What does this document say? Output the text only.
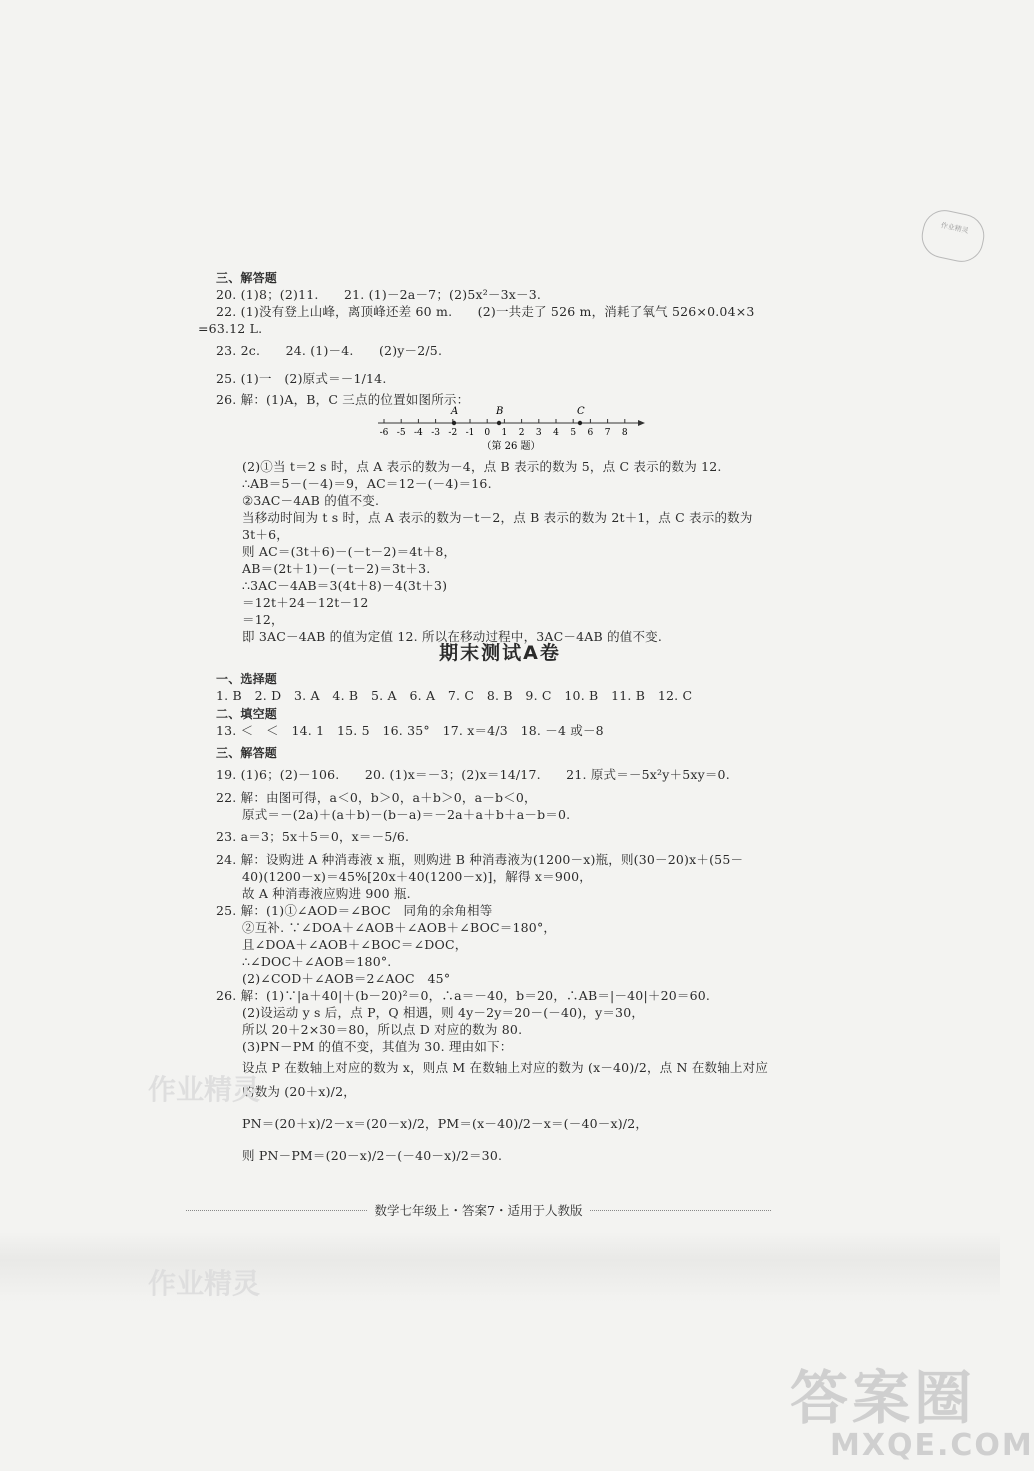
作业精灵
三、解答题
20. (1)8；(2)11.　　21. (1)－2a－7；(2)5x²－3x－3.
22. (1)没有登上山峰，离顶峰还差 60 m.　　(2)一共走了 526 m，消耗了氧气 526×0.04×3
=63.12 L.
23. 2c.　　24. (1)－4.　　(2)y－2/5.
25. (1)一　(2)原式＝－1/14.
26. 解：(1)A，B，C 三点的位置如图所示：
-6 -5 -4 -3 -2 -1 0 1 2 3 4 5 6 7 8
A	B	C
（第 26 题）
(2)①当 t＝2 s 时，点 A 表示的数为－4，点 B 表示的数为 5，点 C 表示的数为 12.
∴AB＝5－(－4)＝9，AC＝12－(－4)＝16.
②3AC－4AB 的值不变.
当移动时间为 t s 时，点 A 表示的数为－t－2，点 B 表示的数为 2t＋1，点 C 表示的数为
3t＋6，
则 AC＝(3t＋6)－(－t－2)＝4t＋8，
AB＝(2t＋1)－(－t－2)＝3t＋3.
∴3AC－4AB＝3(4t＋8)－4(3t＋3)
＝12t＋24－12t－12
＝12，
即 3AC－4AB 的值为定值 12. 所以在移动过程中，3AC－4AB 的值不变.
期末测试A卷
一、选择题
1. B　2. D　3. A　4. B　5. A　6. A　7. C　8. B　9. C　10. B　11. B　12. C
二、填空题
13. ＜　＜　14. 1　15. 5　16. 35°　17. x＝4/3　18. －4 或－8
三、解答题
19. (1)6；(2)－106.　　20. (1)x＝－3；(2)x＝14/17.　　21. 原式＝－5x²y＋5xy＝0.
22. 解：由图可得，a＜0，b＞0，a＋b＞0，a－b＜0，
原式＝－(2a)＋(a＋b)－(b－a)＝－2a＋a＋b＋a－b＝0.
23. a＝3；5x＋5＝0，x＝－5/6.
24. 解：设购进 A 种消毒液 x 瓶，则购进 B 种消毒液为(1200－x)瓶，则(30－20)x＋(55－
40)(1200－x)＝45%[20x＋40(1200－x)]，解得 x＝900，
故 A 种消毒液应购进 900 瓶.
25. 解：(1)①∠AOD＝∠BOC　同角的余角相等
②互补. ∵∠DOA＋∠AOB＋∠AOB＋∠BOC＝180°，
且∠DOA＋∠AOB＋∠BOC＝∠DOC，
∴∠DOC＋∠AOB＝180°.
(2)∠COD＋∠AOB＝2∠AOC　45°
26. 解：(1)∵|a＋40|＋(b－20)²＝0，∴a＝－40，b＝20，∴AB＝|－40|＋20＝60.
(2)设运动 y s 后，点 P，Q 相遇，则 4y－2y＝20－(－40)，y＝30，
所以 20＋2×30＝80，所以点 D 对应的数为 80.
(3)PN－PM 的值不变，其值为 30. 理由如下：
设点 P 在数轴上对应的数为 x，则点 M 在数轴上对应的数为 (x－40)/2，点 N 在数轴上对应
的数为 (20＋x)/2，
PN＝(20＋x)/2－x＝(20－x)/2，PM＝(x－40)/2－x＝(－40－x)/2，
则 PN－PM＝(20－x)/2－(－40－x)/2＝30.
作业精灵
数学七年级上・答案7・适用于人教版
作业精灵
答案圈
MXQE.COM
